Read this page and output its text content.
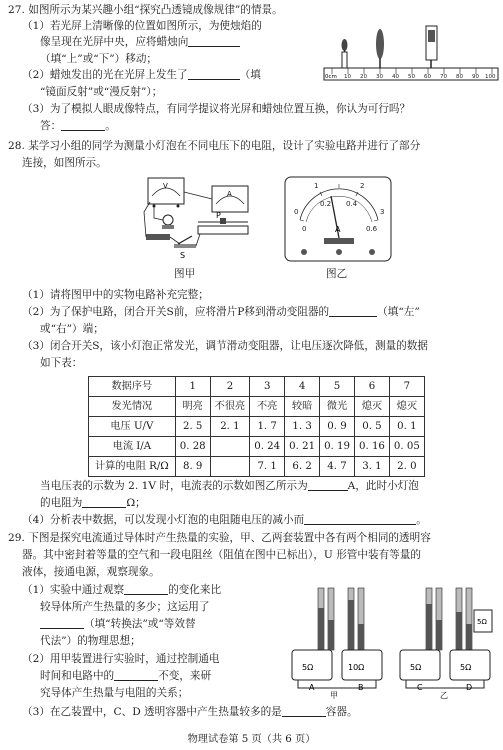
27. 如图所示为某兴趣小组“探究凸透镜成像规律”的情景。
（1）若光屏上清晰像的位置如图所示，为使烛焰的
像呈现在光屏中央，应将蜡烛向
（填“上”或“下”）移动；
（2）蜡烛发出的光在光屏上发生了	（填
“镜面反射”或“漫反射”）；
（3）为了模拟人眼成像特点，有同学提议将光屏和蜡烛位置互换，你认为可行吗？
答：	。
0cm 10 20 30 40 50 60 70 80 90 100
28. 某学习小组的同学为测量小灯泡在不同电压下的电阻，设计了实验电路并进行了部分
连接，如图所示。
V
A
P
S
图甲
0
1	2
3
0
0.2 0.4
0.6
A
图乙
（1）请将图甲中的实物电路补充完整；
（2）为了保护电路，闭合开关S前，应将滑片P移到滑动变阻器的	（填“左”
或“右”）端；
（3）闭合开关S，该小灯泡正常发光，调节滑动变阻器，让电压逐次降低，测量的数据
如下表：
数据序号	1	2	3	4	5	6	7
发光情况	明亮	不很亮	不亮	较暗	微光	熄灭	熄灭
电压 U/V	2. 5	2. 1	1. 7	1. 3	0. 9	0. 5	0. 1
电流 I/A	0. 28		0. 24	0. 21	0. 19	0. 16	0. 05
计算的电阻 R/Ω	8. 9		7. 1	6. 2	4. 7	3. 1	2. 0
当电压表的示数为 2. 1V 时，电流表的示数如图乙所示为	A，此时小灯泡
的电阻为	Ω；
（4）分析表中数据，可以发现小灯泡的电阻随电压的减小而	。
29. 下图是探究电流通过导体时产生热量的实验，甲、乙两套装置中各有两个相同的透明容
器。其中密封着等量的空气和一段电阻丝（阻值在图中已标出），U 形管中装有等量的
液体，接通电源，观察现象。
（1）实验中通过观察	的变化来比
较导体所产生热量的多少；这运用了
（填“转换法”或“等效替
代法”）的物理思想；
（2）用甲装置进行实验时，通过控制通电
时间和电路中的	不变，来研
究导体产生热量与电阻的关系；
（3）在乙装置中，C、D 透明容器中产生热量较多的是	容器。
5Ω	10Ω
A	B
甲
5Ω
5Ω	5Ω
C	D
乙
物理试卷第 5 页（共 6 页）
